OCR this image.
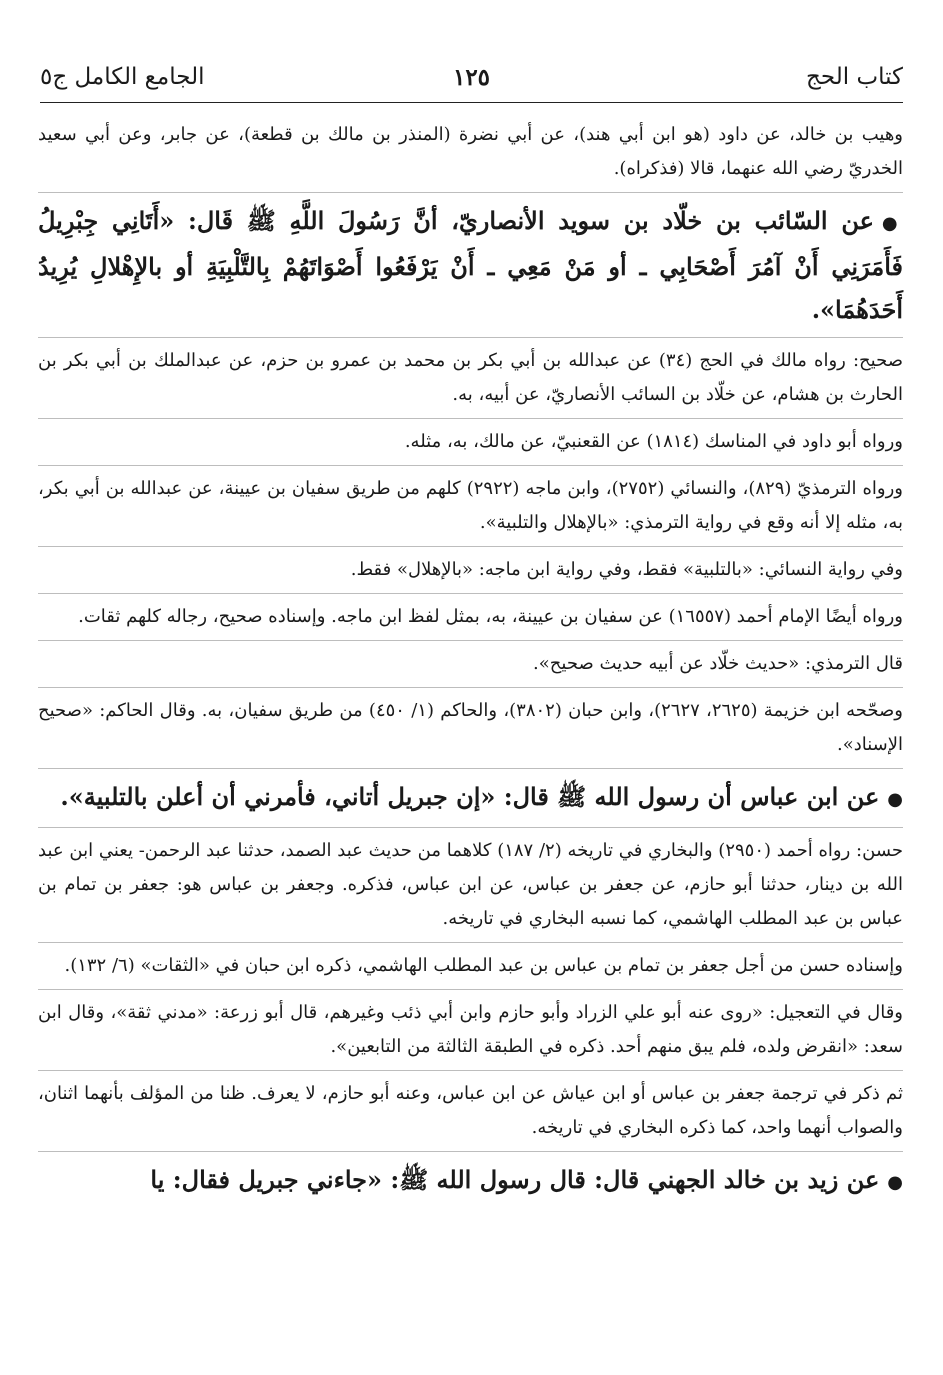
كتاب الحج
١٢٥
الجامع الكامل ج٥

وهيب بن خالد، عن داود (هو ابن أبي هند)، عن أبي نضرة (المنذر بن مالك بن قطعة)، عن جابر، وعن أبي سعيد الخدريّ رضي الله عنهما، قالا (فذكراه).

●عن السّائب بن خلّاد بن سويد الأنصاريّ، أنَّ رَسُولَ اللَّهِ ﷺ قَال: «أَتَانِي جِبْرِيلُ فَأَمَرَنِي أَنْ آمُرَ أَصْحَابِي ـ أو مَنْ مَعِي ـ أَنْ يَرْفَعُوا أَصْوَاتَهُمْ بِالتَّلْبِيَةِ أو بالإِهْلالِ يُرِيدُ أَحَدَهُمَا».

صحيح: رواه مالك في الحج (٣٤) عن عبدالله بن أبي بكر بن محمد بن عمرو بن حزم، عن عبدالملك بن أبي بكر بن الحارث بن هشام، عن خلّاد بن السائب الأنصاريّ، عن أبيه، به.

ورواه أبو داود في المناسك (١٨١٤) عن القعنبيّ، عن مالك، به، مثله.

ورواه الترمذيّ (٨٢٩)، والنسائي (٢٧٥٢)، وابن ماجه (٢٩٢٢) كلهم من طريق سفيان بن عيينة، عن عبدالله بن أبي بكر، به، مثله إلا أنه وقع في رواية الترمذي: «بالإهلال والتلبية».

وفي رواية النسائي: «بالتلبية» فقط، وفي رواية ابن ماجه: «بالإهلال» فقط.

ورواه أيضًا الإمام أحمد (١٦٥٥٧) عن سفيان بن عيينة، به، بمثل لفظ ابن ماجه. وإسناده صحيح، رجاله كلهم ثقات.

قال الترمذي: «حديث خلّاد عن أبيه حديث صحيح».

وصحّحه ابن خزيمة (٢٦٢٥، ٢٦٢٧)، وابن حبان (٣٨٠٢)، والحاكم (١/ ٤٥٠) من طريق سفيان، به. وقال الحاكم: «صحيح الإسناد».

●عن ابن عباس أن رسول الله ﷺ قال: «إن جبريل أتاني، فأمرني أن أعلن بالتلبية».

حسن: رواه أحمد (٢٩٥٠) والبخاري في تاريخه (٢/ ١٨٧) كلاهما من حديث عبد الصمد، حدثنا عبد الرحمن- يعني ابن عبد الله بن دينار، حدثنا أبو حازم، عن جعفر بن عباس، عن ابن عباس، فذكره. وجعفر بن عباس هو: جعفر بن تمام بن عباس بن عبد المطلب الهاشمي، كما نسبه البخاري في تاريخه.

وإسناده حسن من أجل جعفر بن تمام بن عباس بن عبد المطلب الهاشمي، ذكره ابن حبان في «الثقات» (٦/ ١٣٢).

وقال في التعجيل: «روى عنه أبو علي الزراد وأبو حازم وابن أبي ذئب وغيرهم، قال أبو زرعة: «مدني ثقة»، وقال ابن سعد: «انقرض ولده، فلم يبق منهم أحد. ذكره في الطبقة الثالثة من التابعين».

ثم ذكر في ترجمة جعفر بن عباس أو ابن عياش عن ابن عباس، وعنه أبو حازم، لا يعرف. ظنا من المؤلف بأنهما اثنان، والصواب أنهما واحد، كما ذكره البخاري في تاريخه.

●عن زيد بن خالد الجهني قال: قال رسول الله ﷺ: «جاءني جبريل فقال: يا
